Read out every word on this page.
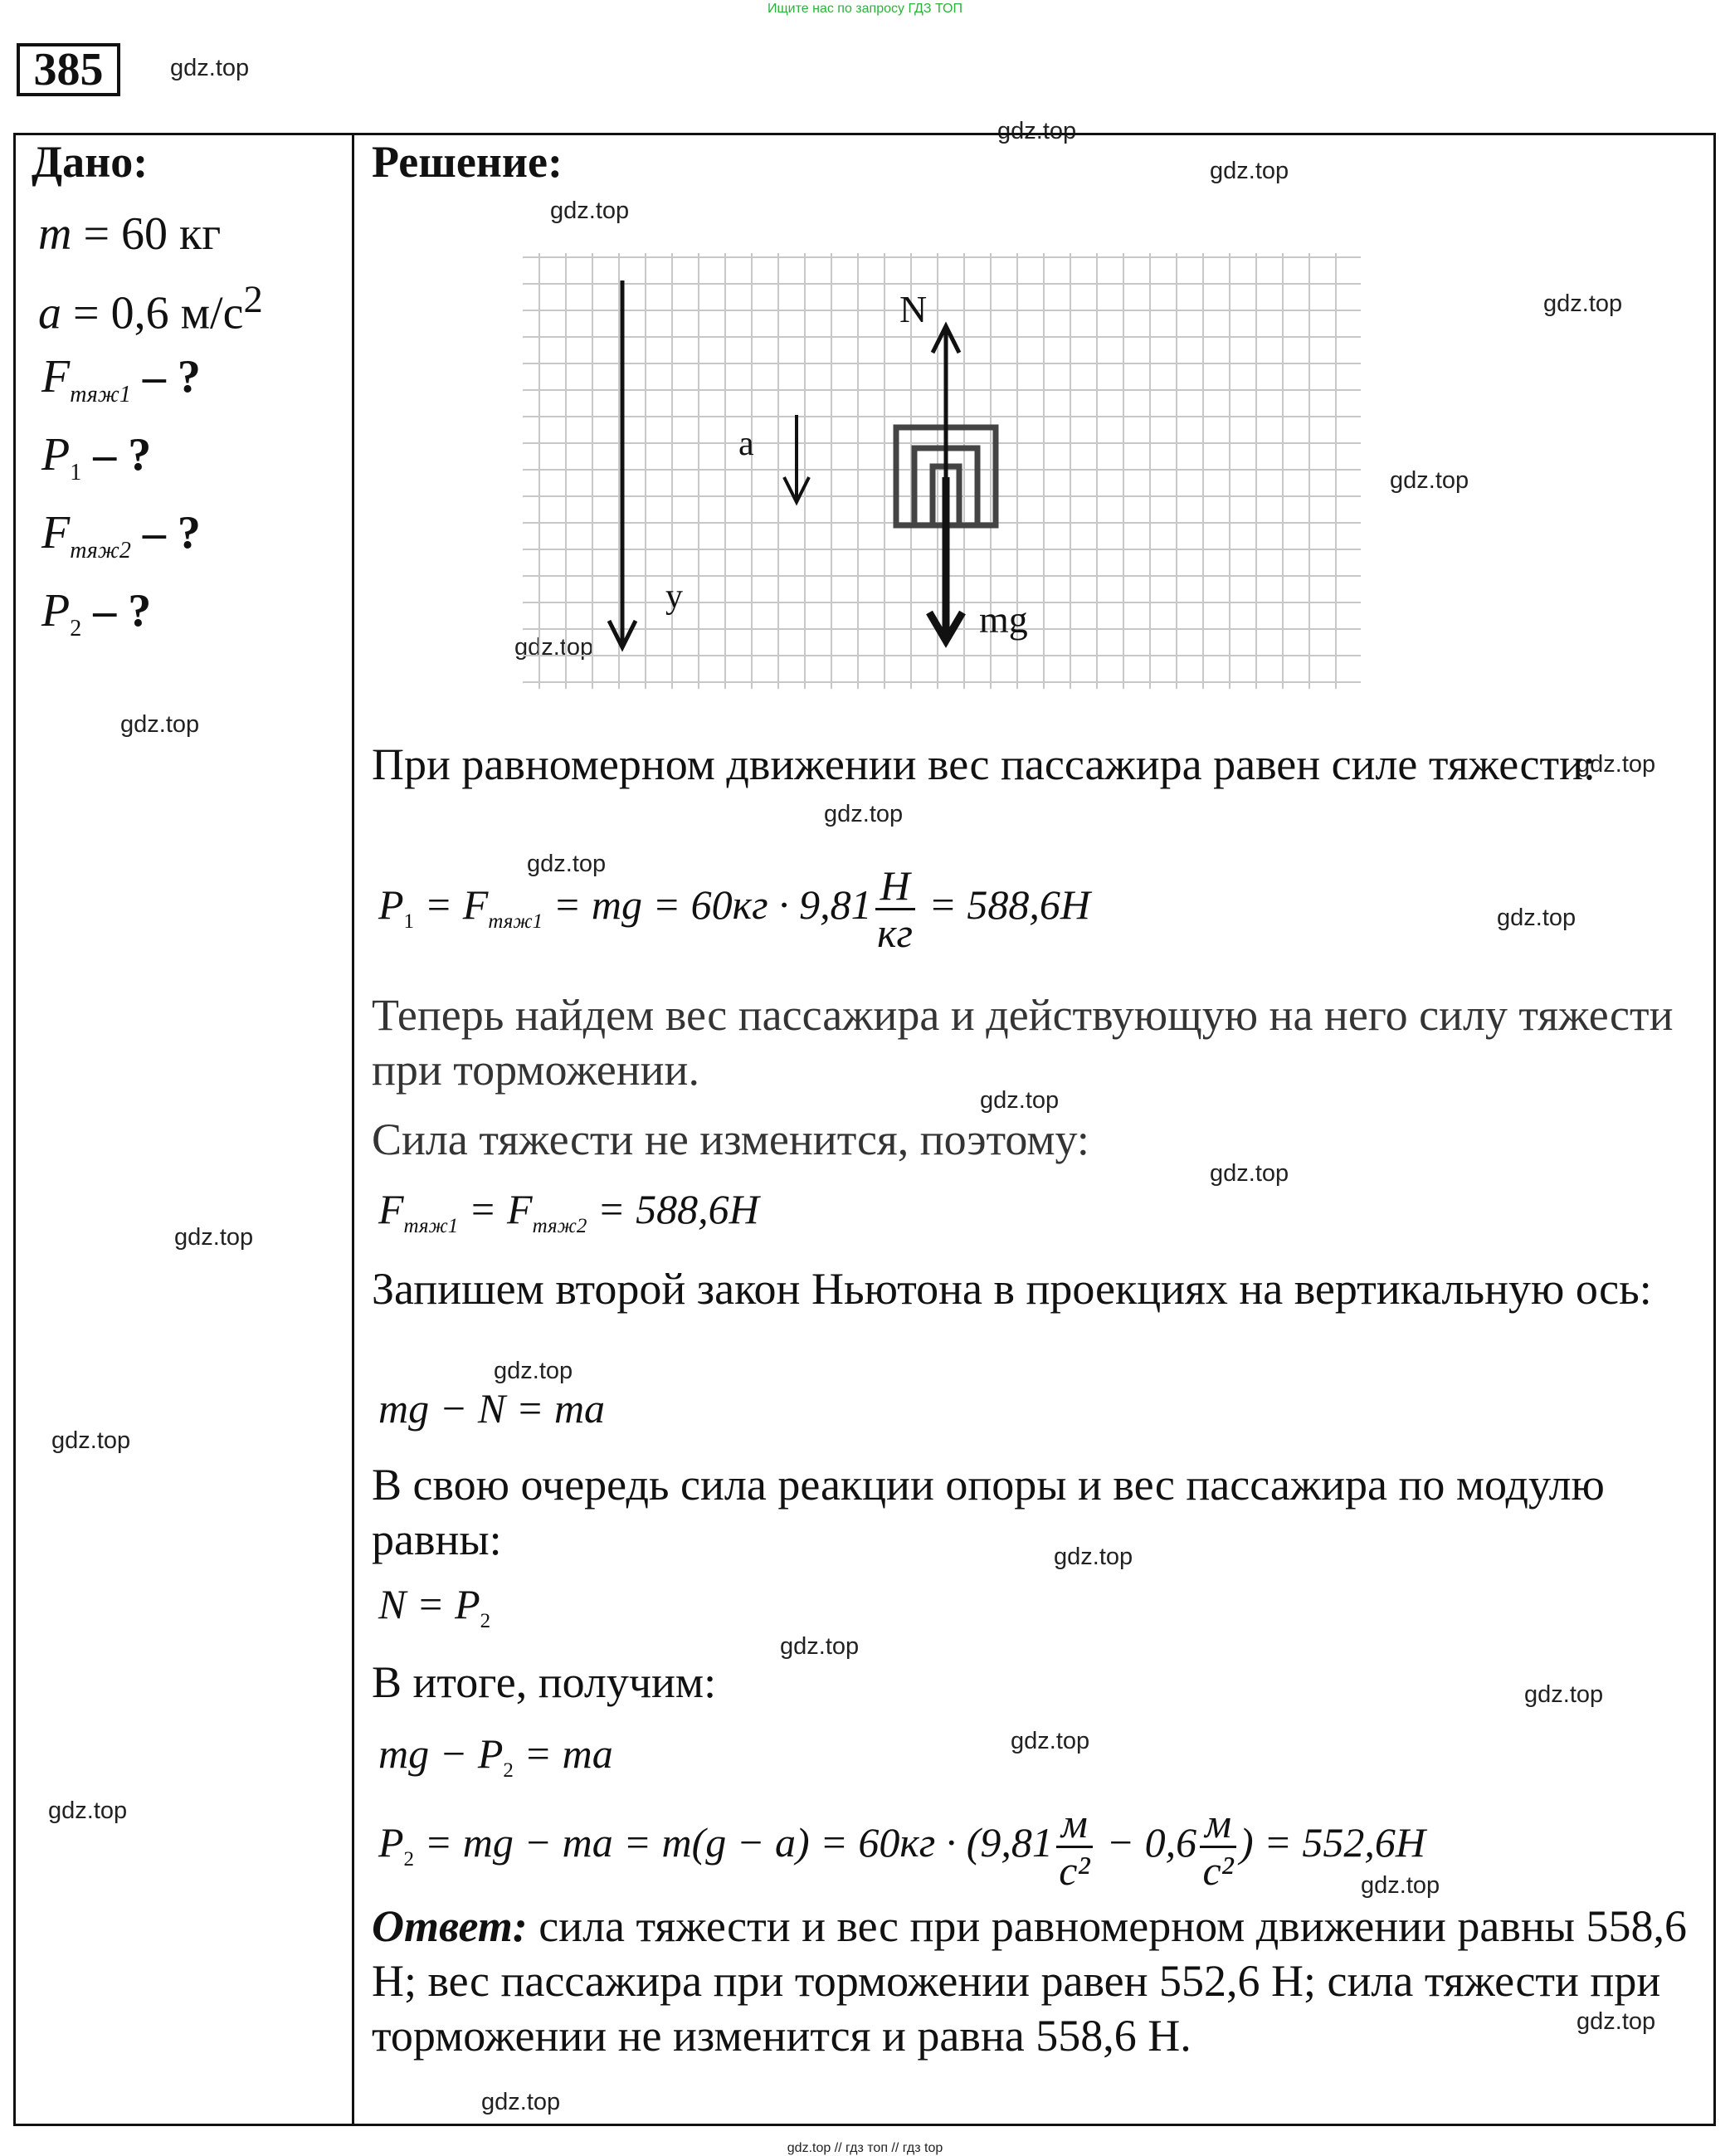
Ищите нас по запросу ГДЗ ТОП
385	gdz.top
gdz.top
gdz.top
gdz.top
gdz.top
gdz.top
gdz.top
gdz.top
gdz.top
gdz.top
gdz.top
gdz.top
gdz.top
gdz.top
gdz.top
gdz.top
gdz.top
gdz.top
gdz.top
gdz.top
gdz.top
gdz.top
gdz.top
gdz.top
gdz.top
Дано:
m = 60 кг
a = 0,6 $м/с^2$
$F_{тяж1}$ – ?
$P_1$ – ?
$F_{тяж2}$ – ?
$P_2$ – ?
Решение:
N
a
y
mg
При равномерном движении вес пассажира равен силе тяжести:
$P_1 = F_{тяж1}$ = mg = $60кг \cdot 9,81 \frac{Н}{кг} = 588,6Н$
Теперь найдем вес пассажира и действующую на него силу тяжести при торможении.
Сила тяжести не изменится, поэтому:
$F_{тяж1} = F_{тяж2} = 588,6Н$
Запишем второй закон Ньютона в проекциях на вертикальную ось:
mg − N = ma
В свою очередь сила реакции опоры и вес пассажира по модулю равны:
$N = P_2$
В итоге, получим:
mg − $P_2$ = ma
$P_2$ = mg − ma = $m(g - a) = 60кг \cdot (9,81 \frac{м}{\text{с²}} - 0,6 \frac{м}{\text{с²}}$ ) = 552,6Н
Ответ: сила тяжести и вес при равномерном движении равны 558,6 Н; вес пассажира при торможении равен 552,6 Н; сила тяжести при торможении не изменится и равна 558,6 Н.
gdz.top // гдз топ // гдз top
